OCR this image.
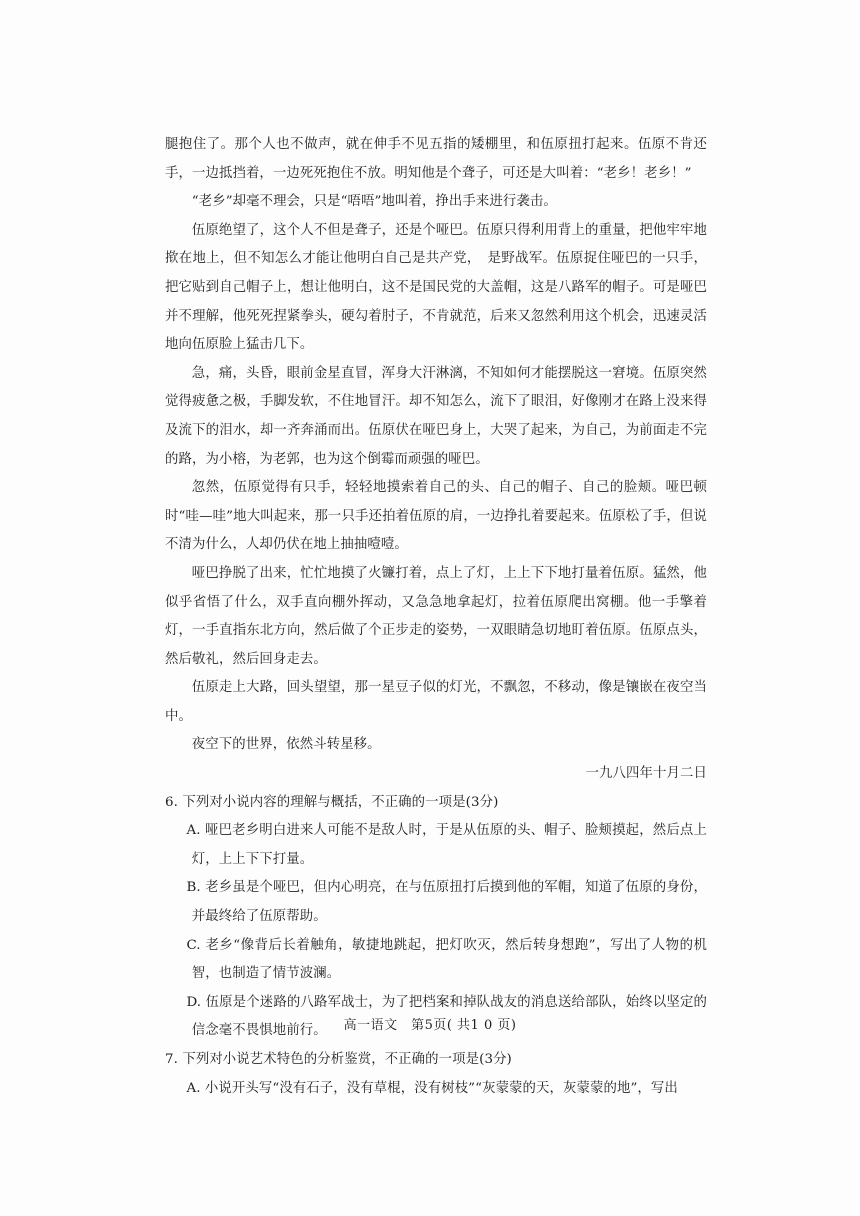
腿抱住了。那个人也不做声，就在伸手不见五指的矮棚里，和伍原扭打起来。伍原不肯还手，一边抵挡着，一边死死抱住不放。明知他是个聋子，可还是大叫着：“老乡！老乡！”

“老乡”却毫不理会，只是“唔唔”地叫着，挣出手来进行袭击。

伍原绝望了，这个人不但是聋子，还是个哑巴。伍原只得利用背上的重量，把他牢牢地揿在地上，但不知怎么才能让他明白自己是共产党，　是野战军。伍原捉住哑巴的一只手，把它贴到自己帽子上，想让他明白，这不是国民党的大盖帽，这是八路军的帽子。可是哑巴并不理解，他死死捏紧拳头，硬勾着肘子，不肯就范，后来又忽然利用这个机会，迅速灵活地向伍原脸上猛击几下。

急，痛，头昏，眼前金星直冒，浑身大汗淋漓，不知如何才能摆脱这一窘境。伍原突然觉得疲惫之极，手脚发软，不住地冒汗。却不知怎么，流下了眼泪，好像刚才在路上没来得及流下的泪水，却一齐奔涌而出。伍原伏在哑巴身上，大哭了起来，为自己，为前面走不完的路，为小榕，为老郭，也为这个倒霉而顽强的哑巴。

忽然，伍原觉得有只手，轻轻地摸索着自己的头、自己的帽子、自己的脸颊。哑巴顿时“哇—哇”地大叫起来，那一只手还拍着伍原的肩，一边挣扎着要起来。伍原松了手，但说不清为什么，人却仍伏在地上抽抽噎噎。

哑巴挣脱了出来，忙忙地摸了火镰打着，点上了灯，上上下下地打量着伍原。猛然，他似乎省悟了什么，双手直向棚外挥动，又急急地拿起灯，拉着伍原爬出窝棚。他一手擎着灯，一手直指东北方向，然后做了个正步走的姿势，一双眼睛急切地盯着伍原。伍原点头，然后敬礼，然后回身走去。

伍原走上大路，回头望望，那一星豆子似的灯光，不飘忽，不移动，像是镶嵌在夜空当中。

夜空下的世界，依然斗转星移。

一九八四年十月二日

6. 下列对小说内容的理解与概括，不正确的一项是(3分)

A. 哑巴老乡明白进来人可能不是敌人时，于是从伍原的头、帽子、脸颊摸起，然后点上灯，上上下下打量。

B. 老乡虽是个哑巴，但内心明亮，在与伍原扭打后摸到他的军帽，知道了伍原的身份，并最终给了伍原帮助。

C. 老乡“像背后长着触角，敏捷地跳起，把灯吹灭，然后转身想跑”，写出了人物的机智，也制造了情节波澜。

D. 伍原是个迷路的八路军战士，为了把档案和掉队战友的消息送给部队，始终以坚定的信念毫不畏惧地前行。

7. 下列对小说艺术特色的分析鉴赏，不正确的一项是(3分)

A. 小说开头写“没有石子，没有草棍，没有树枝”“灰蒙蒙的天，灰蒙蒙的地”，写出

高一语文　第5页( 共1 0 页)
